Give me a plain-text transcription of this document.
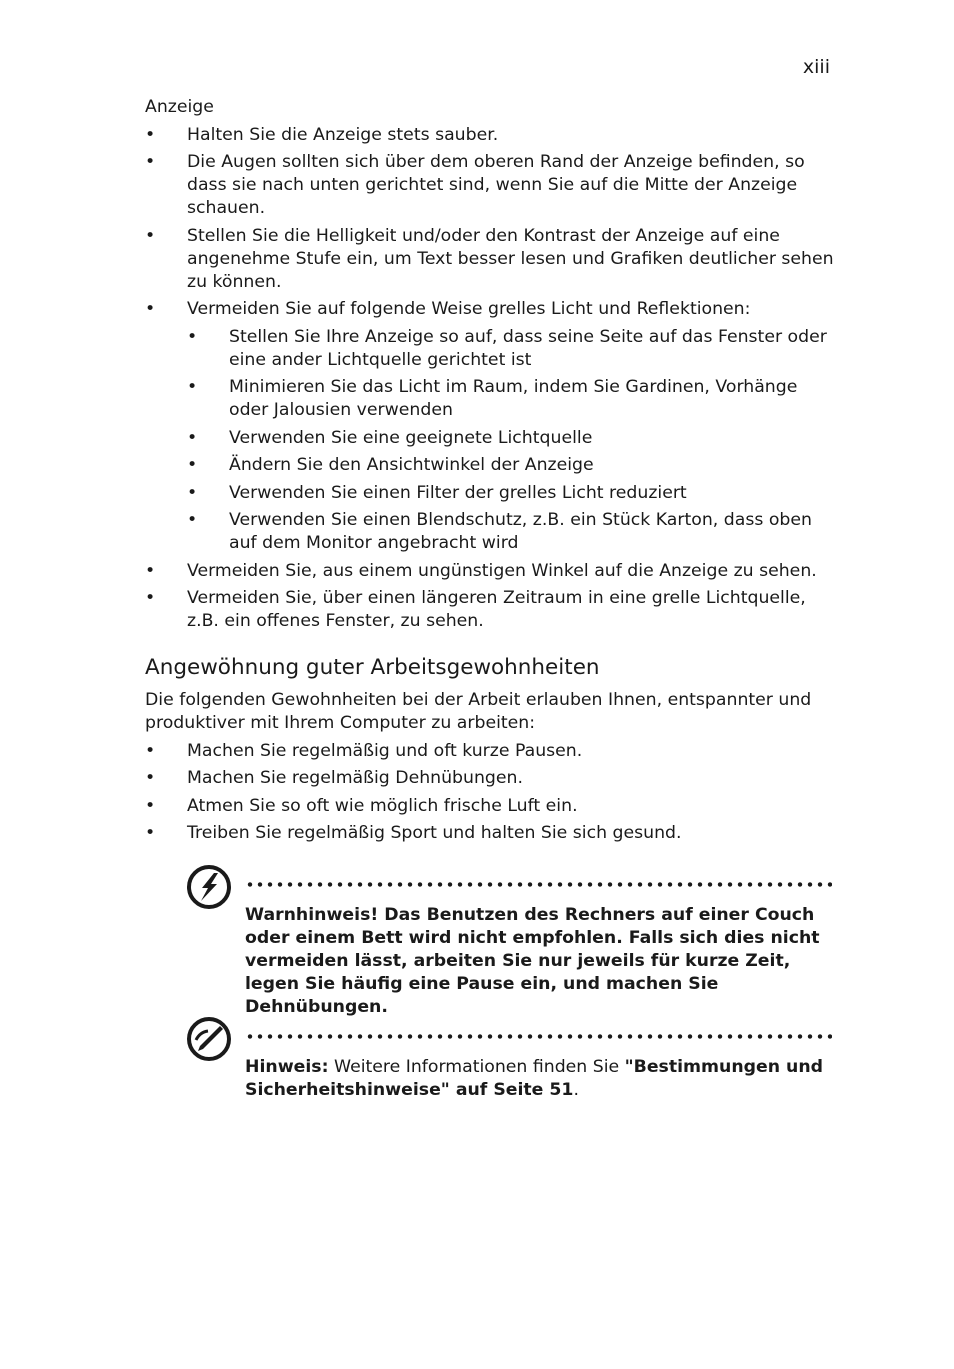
xiii

Anzeige

• Halten Sie die Anzeige stets sauber.
• Die Augen sollten sich über dem oberen Rand der Anzeige befinden, so dass sie nach unten gerichtet sind, wenn Sie auf die Mitte der Anzeige schauen.
• Stellen Sie die Helligkeit und/oder den Kontrast der Anzeige auf eine angenehme Stufe ein, um Text besser lesen und Grafiken deutlicher sehen zu können.
• Vermeiden Sie auf folgende Weise grelles Licht und Reflektionen:
• Stellen Sie Ihre Anzeige so auf, dass seine Seite auf das Fenster oder eine ander Lichtquelle gerichtet ist
• Minimieren Sie das Licht im Raum, indem Sie Gardinen, Vorhänge oder Jalousien verwenden
• Verwenden Sie eine geeignete Lichtquelle
• Ändern Sie den Ansichtwinkel der Anzeige
• Verwenden Sie einen Filter der grelles Licht reduziert
• Verwenden Sie einen Blendschutz, z.B. ein Stück Karton, dass oben auf dem Monitor angebracht wird
• Vermeiden Sie, aus einem ungünstigen Winkel auf die Anzeige zu sehen.
• Vermeiden Sie, über einen längeren Zeitraum in eine grelle Lichtquelle, z.B. ein offenes Fenster, zu sehen.
Angewöhnung guter Arbeitsgewohnheiten

Die folgenden Gewohnheiten bei der Arbeit erlauben Ihnen, entspannter und produktiver mit Ihrem Computer zu arbeiten:

• Machen Sie regelmäßig und oft kurze Pausen.
• Machen Sie regelmäßig Dehnübungen.
• Atmen Sie so oft wie möglich frische Luft ein.
• Treiben Sie regelmäßig Sport und halten Sie sich gesund.
Warnhinweis! Das Benutzen des Rechners auf einer Couch oder einem Bett wird nicht empfohlen. Falls sich dies nicht vermeiden lässt, arbeiten Sie nur jeweils für kurze Zeit, legen Sie häufig eine Pause ein, und machen Sie Dehnübungen.
Hinweis: Weitere Informationen finden Sie "Bestimmungen und Sicherheitshinweise" auf Seite 51.
